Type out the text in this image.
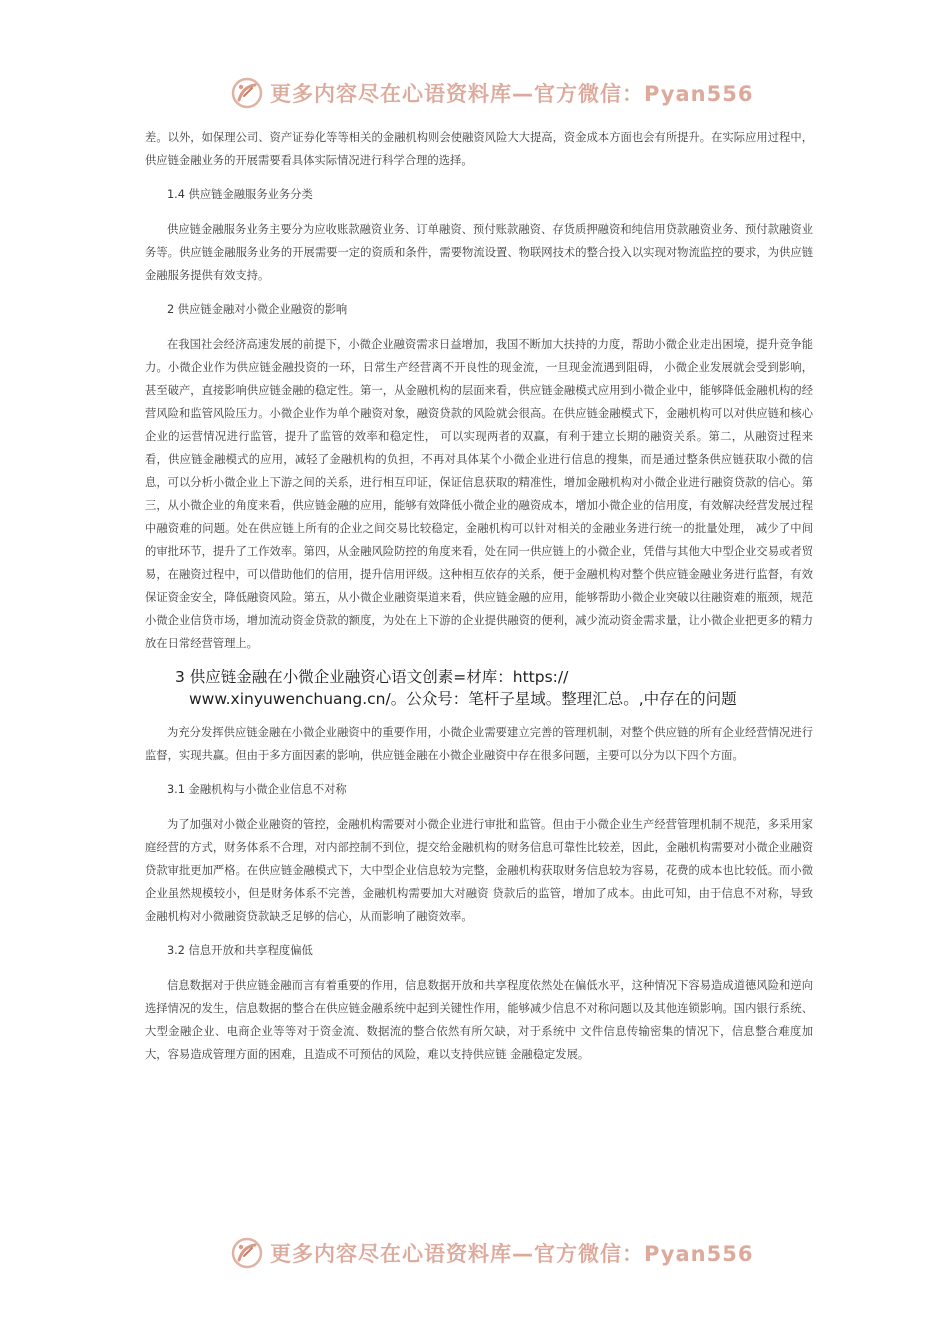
更多内容尽在心语资料库—官方微信：Pyan556

差。以外，如保理公司、资产证券化等等相关的金融机构则会使融资风险大大提高，资金成本方面也会有所提升。在实际应用过程中，供应链金融业务的开展需要看具体实际情况进行科学合理的选择。

1.4 供应链金融服务业务分类

供应链金融服务业务主要分为应收账款融资业务、订单融资、预付账款融资、存货质押融资和纯信用贷款融资业务、预付款融资业务等。供应链金融服务业务的开展需要一定的资质和条件，需要物流设置、物联网技术的整合投入以实现对物流监控的要求，为供应链金融服务提供有效支持。

2 供应链金融对小微企业融资的影响

在我国社会经济高速发展的前提下，小微企业融资需求日益增加，我国不断加大扶持的力度，帮助小微企业走出困境，提升竞争能力。小微企业作为供应链金融投资的一环，日常生产经营离不开良性的现金流，一旦现金流遇到阻碍， 小微企业发展就会受到影响，甚至破产，直接影响供应链金融的稳定性。第一，从金融机构的层面来看，供应链金融模式应用到小微企业中，能够降低金融机构的经营风险和监管风险压力。小微企业作为单个融资对象，融资贷款的风险就会很高。在供应链金融模式下，金融机构可以对供应链和核心企业的运营情况进行监管，提升了监管的效率和稳定性， 可以实现两者的双赢，有利于建立长期的融资关系。第二，从融资过程来看，供应链金融模式的应用，减轻了金融机构的负担，不再对具体某个小微企业进行信息的搜集，而是通过整条供应链获取小微的信息，可以分析小微企业上下游之间的关系，进行相互印证，保证信息获取的精准性，增加金融机构对小微企业进行融资贷款的信心。第三，从小微企业的角度来看，供应链金融的应用，能够有效降低小微企业的融资成本，增加小微企业的信用度，有效解决经营发展过程中融资难的问题。处在供应链上所有的企业之间交易比较稳定，金融机构可以针对相关的金融业务进行统一的批量处理， 减少了中间的审批环节，提升了工作效率。第四，从金融风险防控的角度来看，处在同一供应链上的小微企业，凭借与其他大中型企业交易或者贸易，在融资过程中，可以借助他们的信用，提升信用评级。这种相互依存的关系，便于金融机构对整个供应链金融业务进行监督，有效保证资金安全，降低融资风险。第五，从小微企业融资渠道来看，供应链金融的应用，能够帮助小微企业突破以往融资难的瓶颈，规范小微企业信贷市场，增加流动资金贷款的额度，为处在上下游的企业提供融资的便利，减少流动资金需求量，让小微企业把更多的精力放在日常经营管理上。

3 供应链金融在小微企业融资心语文创素=材库：https://
www.xinyuwenchuang.cn/。公众号：笔杆子星域。整理汇总。,中存在的问题

为充分发挥供应链金融在小微企业融资中的重要作用，小微企业需要建立完善的管理机制，对整个供应链的所有企业经营情况进行监督，实现共赢。但由于多方面因素的影响，供应链金融在小微企业融资中存在很多问题，主要可以分为以下四个方面。

3.1 金融机构与小微企业信息不对称

为了加强对小微企业融资的管控，金融机构需要对小微企业进行审批和监管。但由于小微企业生产经营管理机制不规范，多采用家庭经营的方式，财务体系不合理，对内部控制不到位，提交给金融机构的财务信息可靠性比较差，因此，金融机构需要对小微企业融资贷款审批更加严格。在供应链金融模式下，大中型企业信息较为完整，金融机构获取财务信息较为容易，花费的成本也比较低。而小微企业虽然规模较小，但是财务体系不完善，金融机构需要加大对融资 贷款后的监管，增加了成本。由此可知，由于信息不对称，导致金融机构对小微融资贷款缺乏足够的信心，从而影响了融资效率。

3.2 信息开放和共享程度偏低

信息数据对于供应链金融而言有着重要的作用，信息数据开放和共享程度依然处在偏低水平，这种情况下容易造成道德风险和逆向选择情况的发生，信息数据的整合在供应链金融系统中起到关键性作用，能够减少信息不对称问题以及其他连锁影响。国内银行系统、大型金融企业、电商企业等等对于资金流、数据流的整合依然有所欠缺，对于系统中 文件信息传输密集的情况下，信息整合难度加大，容易造成管理方面的困难，且造成不可预估的风险，难以支持供应链 金融稳定发展。

更多内容尽在心语资料库—官方微信：Pyan556
